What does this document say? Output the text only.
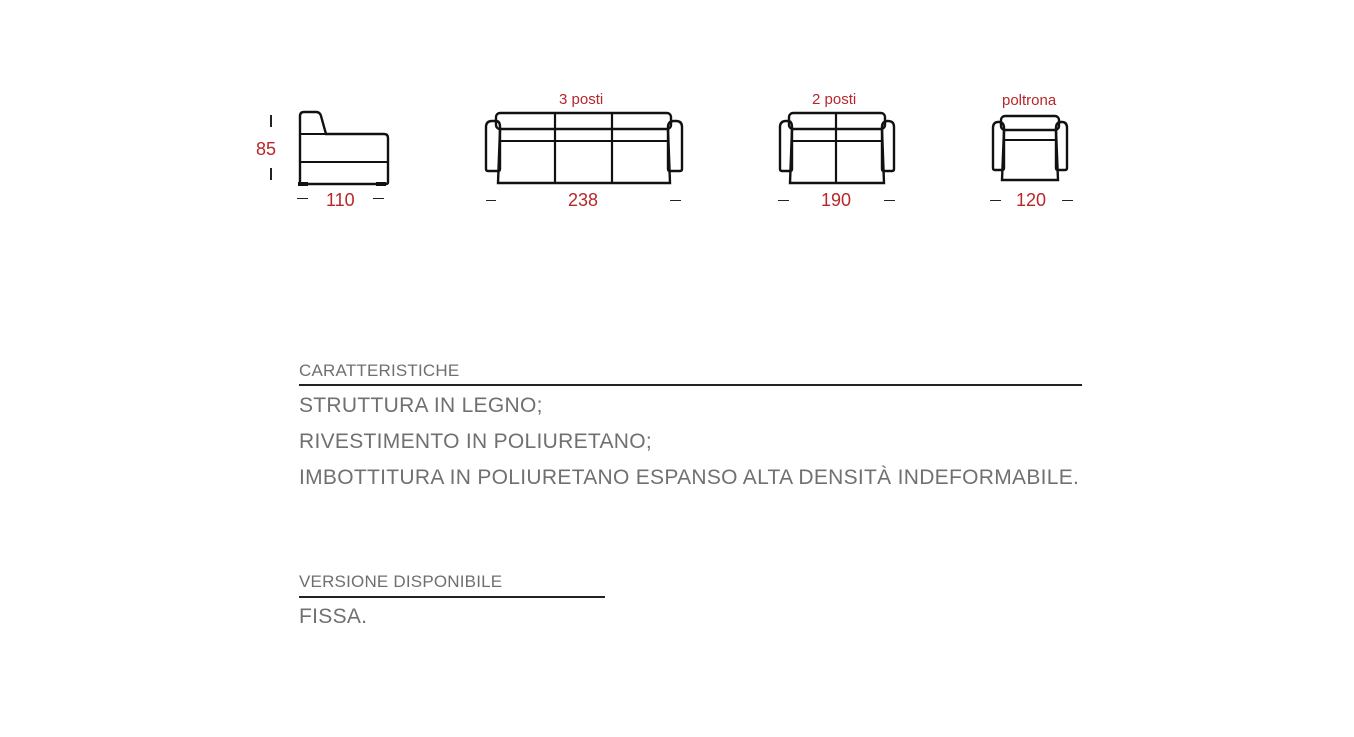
85
110
3 posti
238
2 posti
190
poltrona
120
CARATTERISTICHE
STRUTTURA IN LEGNO;
RIVESTIMENTO IN POLIURETANO;
IMBOTTITURA IN POLIURETANO ESPANSO ALTA DENSITÀ INDEFORMABILE.
VERSIONE DISPONIBILE
FISSA.
